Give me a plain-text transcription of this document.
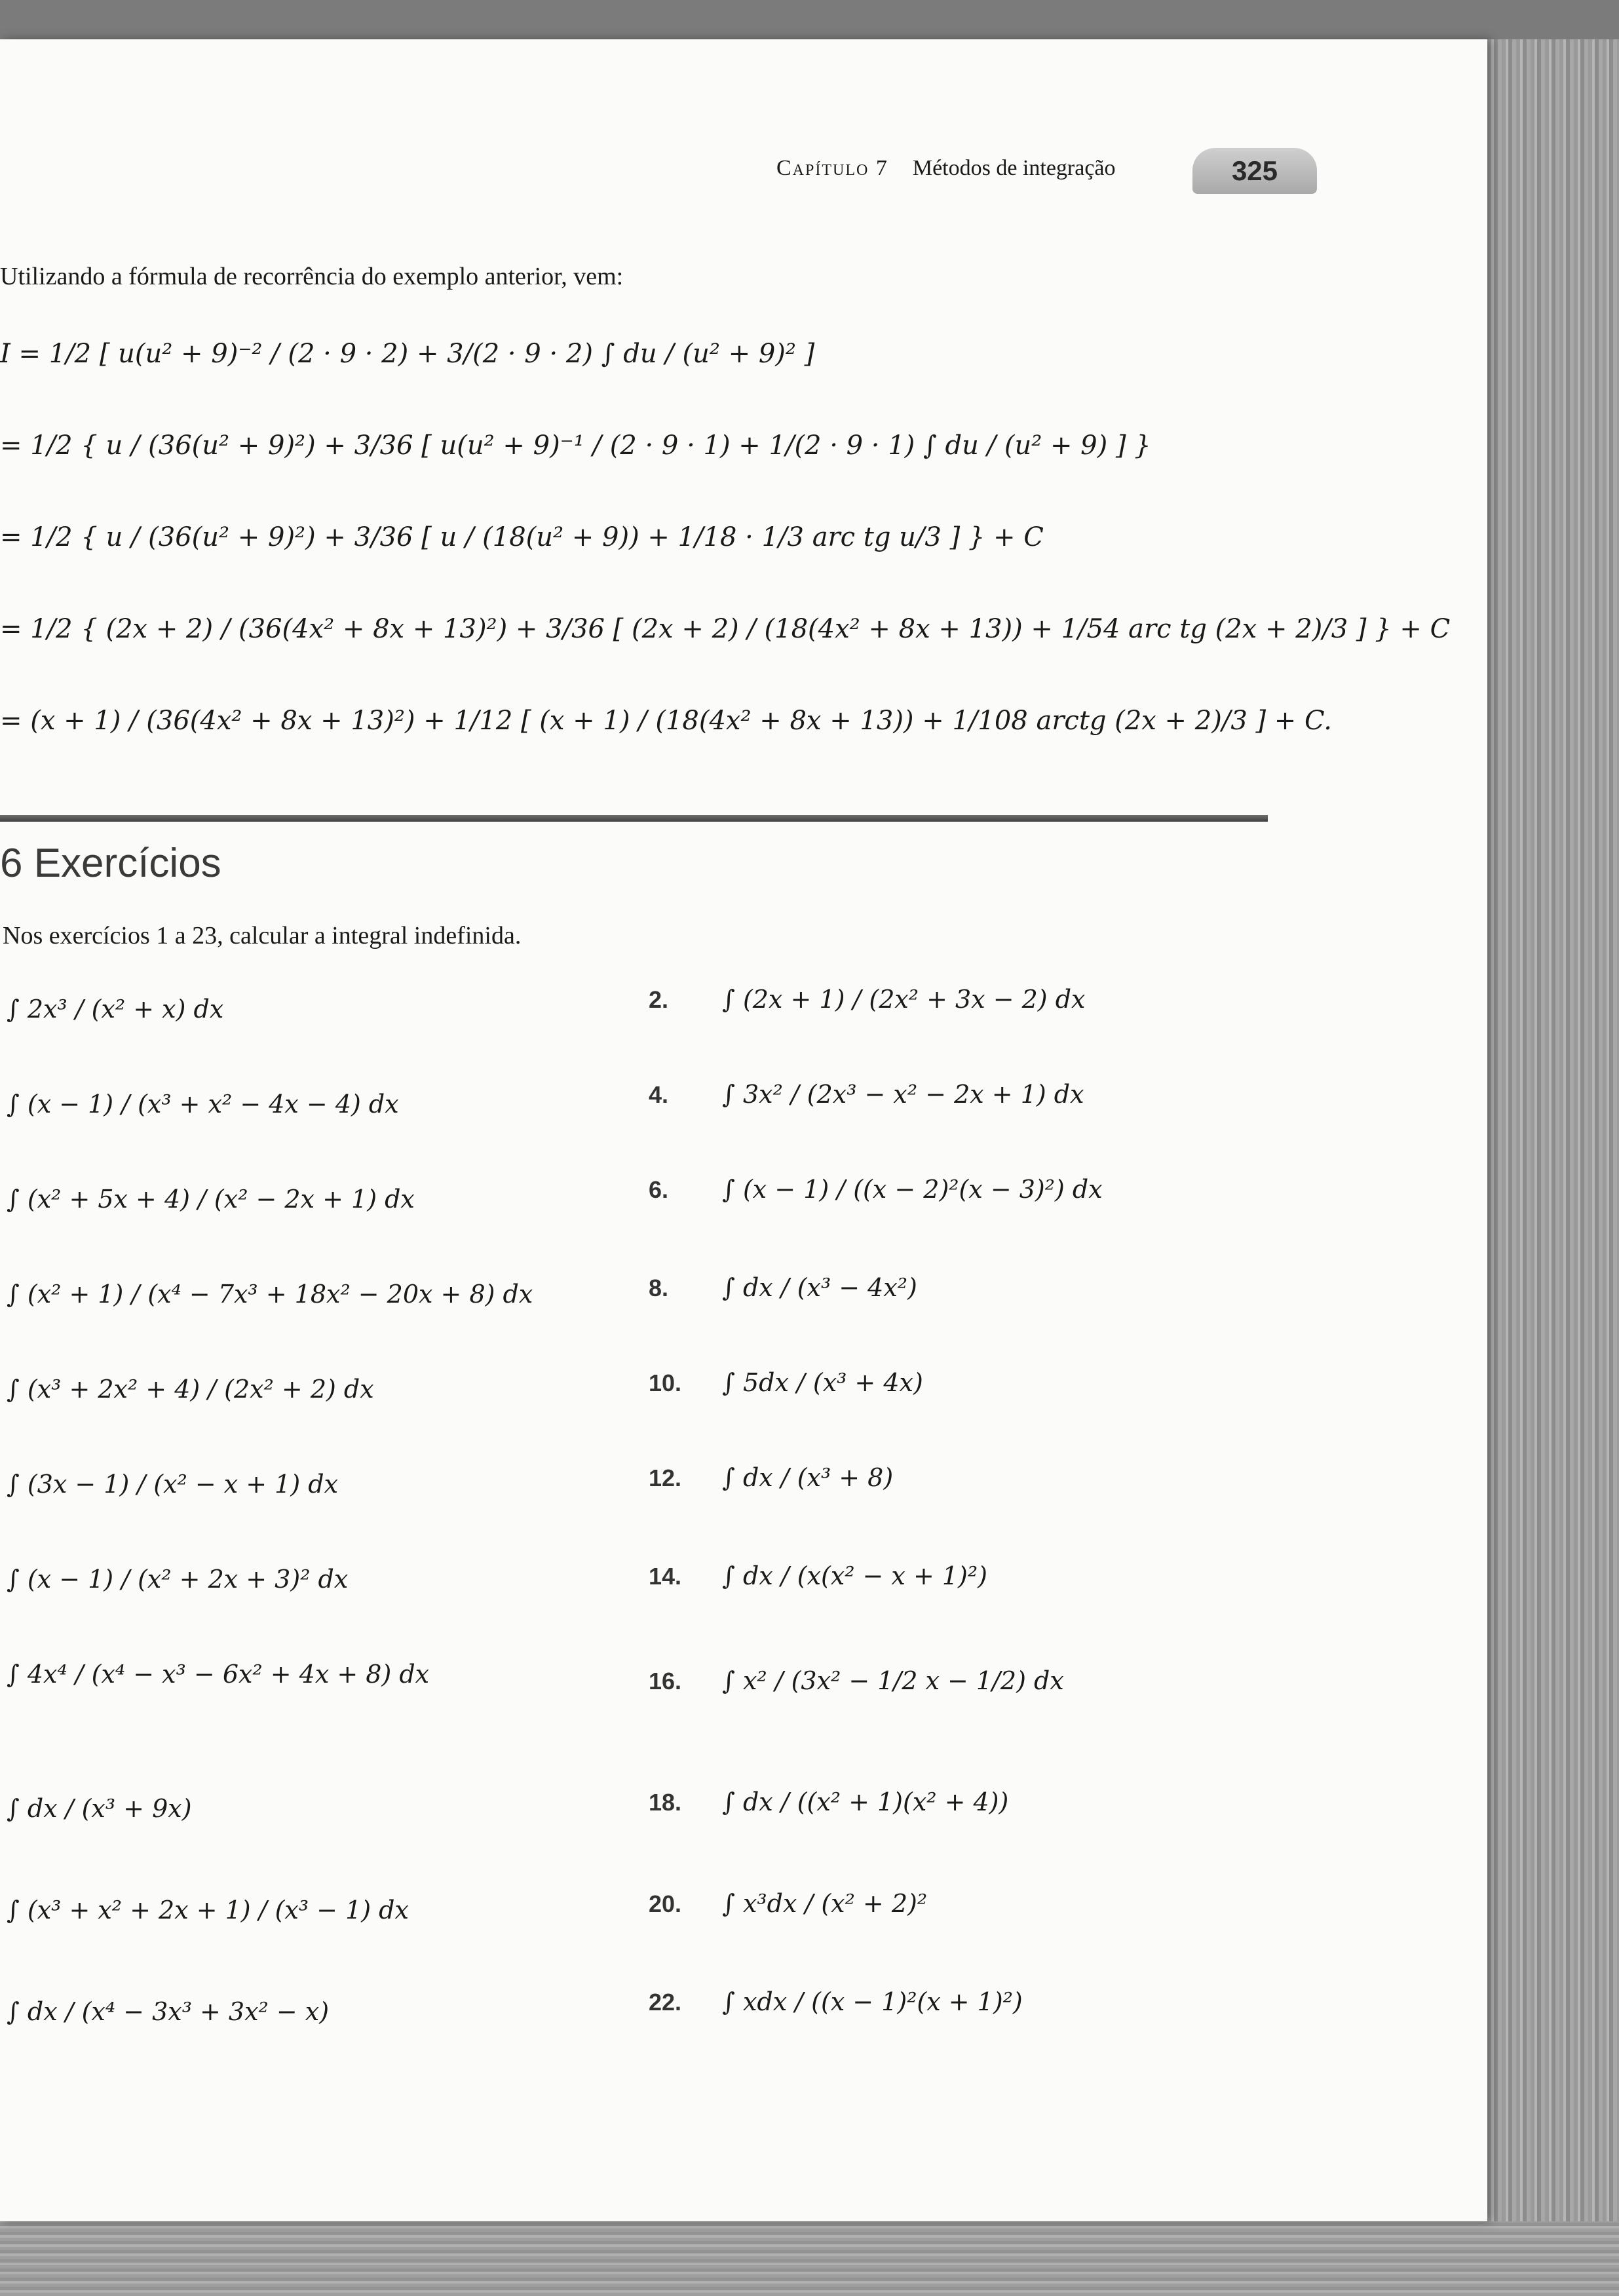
Capítulo 7 Métodos de integração	325
Utilizando a fórmula de recorrência do exemplo anterior, vem:
I = 1/2 [ u(u² + 9)⁻² / (2 · 9 · 2) + 3/(2 · 9 · 2) ∫ du / (u² + 9)² ]
= 1/2 { u / (36(u² + 9)²) + 3/36 [ u(u² + 9)⁻¹ / (2 · 9 · 1) + 1/(2 · 9 · 1) ∫ du / (u² + 9) ] }
= 1/2 { u / (36(u² + 9)²) + 3/36 [ u / (18(u² + 9)) + 1/18 · 1/3 arc tg u/3 ] } + C
= 1/2 { (2x + 2) / (36(4x² + 8x + 13)²) + 3/36 [ (2x + 2) / (18(4x² + 8x + 13)) + 1/54 arc tg (2x + 2)/3 ] } + C
= (x + 1) / (36(4x² + 8x + 13)²) + 1/12 [ (x + 1) / (18(4x² + 8x + 13)) + 1/108 arctg (2x + 2)/3 ] + C.
6 Exercícios
Nos exercícios 1 a 23, calcular a integral indefinida.
∫ 2x³ / (x² + x) dx
∫ (x − 1) / (x³ + x² − 4x − 4) dx
∫ (x² + 5x + 4) / (x² − 2x + 1) dx
∫ (x² + 1) / (x⁴ − 7x³ + 18x² − 20x + 8) dx
∫ (x³ + 2x² + 4) / (2x² + 2) dx
∫ (3x − 1) / (x² − x + 1) dx
∫ (x − 1) / (x² + 2x + 3)² dx
∫ 4x⁴ / (x⁴ − x³ − 6x² + 4x + 8) dx
∫ dx / (x³ + 9x)
∫ (x³ + x² + 2x + 1) / (x³ − 1) dx
∫ dx / (x⁴ − 3x³ + 3x² − x)
2. ∫ (2x + 1) / (2x² + 3x − 2) dx
4. ∫ 3x² / (2x³ − x² − 2x + 1) dx
6. ∫ (x − 1) / ((x − 2)²(x − 3)²) dx
8. ∫ dx / (x³ − 4x²)
10. ∫ 5dx / (x³ + 4x)
12. ∫ dx / (x³ + 8)
14. ∫ dx / (x(x² − x + 1)²)
16. ∫ x² / (3x² − 1/2 x − 1/2) dx
18. ∫ dx / ((x² + 1)(x² + 4))
20. ∫ x³dx / (x² + 2)²
22. ∫ xdx / ((x − 1)²(x + 1)²)
